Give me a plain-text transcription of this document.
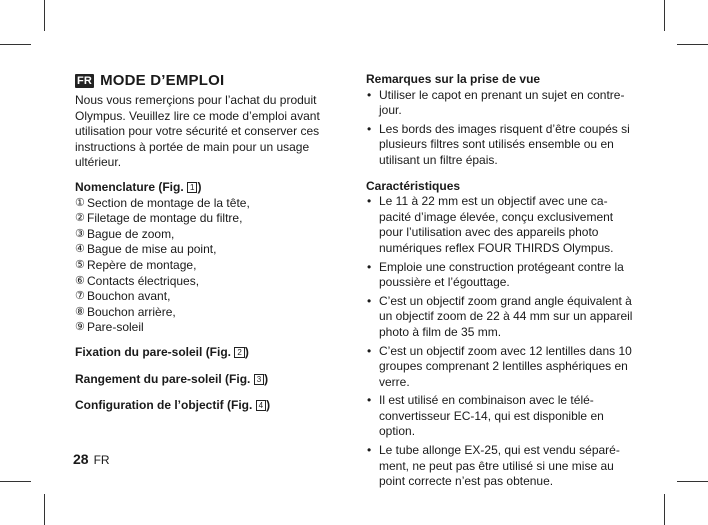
FR MODE D’EMPLOI

Nous vous remerçions pour l’achat du produit Olympus. Veuillez lire ce mode d’emploi avant utilisation pour votre sécurité et conserver ces instructions à portée de main pour un usage ultérieur.

Nomenclature (Fig. 1 )

① Section de montage de la tête,
② Filetage de montage du filtre,
③ Bague de zoom,
④ Bague de mise au point,
⑤ Repère de montage,
⑥ Contacts électriques,
⑦ Bouchon avant,
⑧ Bouchon arrière,
⑨ Pare-soleil

Fixation du pare-soleil (Fig. 2 )

Rangement du pare-soleil (Fig. 3 )

Configuration de l’objectif (Fig. 4 )

Remarques sur la prise de vue

• Utiliser le capot en prenant un sujet en contre-jour.
• Les bords des images risquent d’être coupés si plusieurs filtres sont utilisés ensemble ou en utilisant un filtre épais.

Caractéristiques

• Le 11 à 22 mm est un objectif avec une capacité d’image élevée, conçu exclusivement pour l’utilisation avec des appareils photo numériques reflex FOUR THIRDS Olympus.
• Emploie une construction protégeant contre la poussière et l’égouttage.
• C’est un objectif zoom grand angle équivalent à un objectif zoom de 22 à 44 mm sur un appareil photo à film de 35 mm.
• C’est un objectif zoom avec 12 lentilles dans 10 groupes comprenant 2 lentilles asphériques en verre.
• Il est utilisé en combinaison avec le téléconvertisseur EC-14, qui est disponible en option.
• Le tube allonge EX-25, qui est vendu séparément, ne peut pas être utilisé si une mise au point correcte n’est pas obtenue.
28 FR
